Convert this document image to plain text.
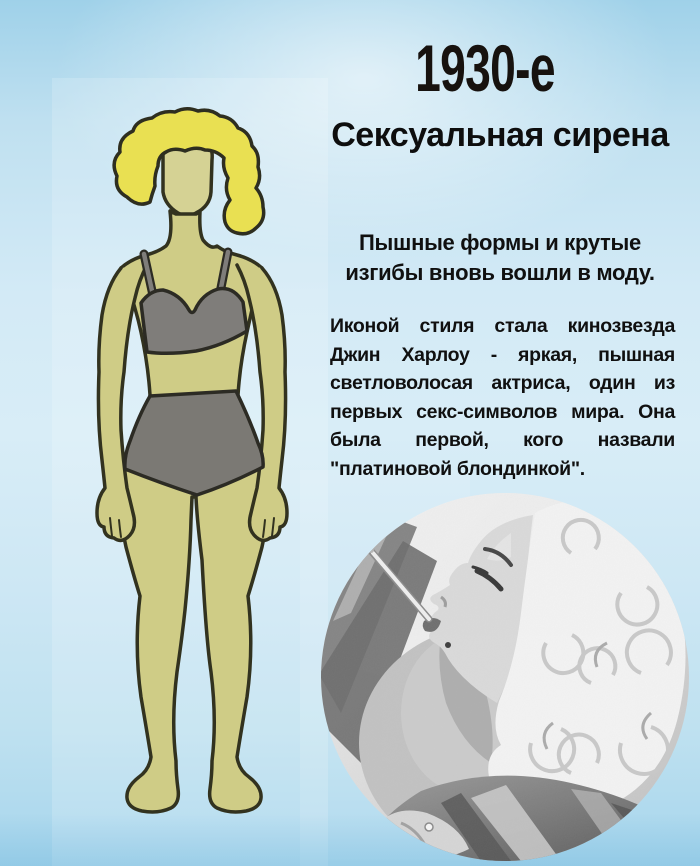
1930-е
Сексуальная сирена

Пышные формы и крутые изгибы вновь вошли в моду.

Иконой стиля стала кинозвезда Джин Харлоу - яркая, пышная светловолосая актриса, один из первых секс-символов мира. Она была первой, кого назвали "платиновой блондинкой".
